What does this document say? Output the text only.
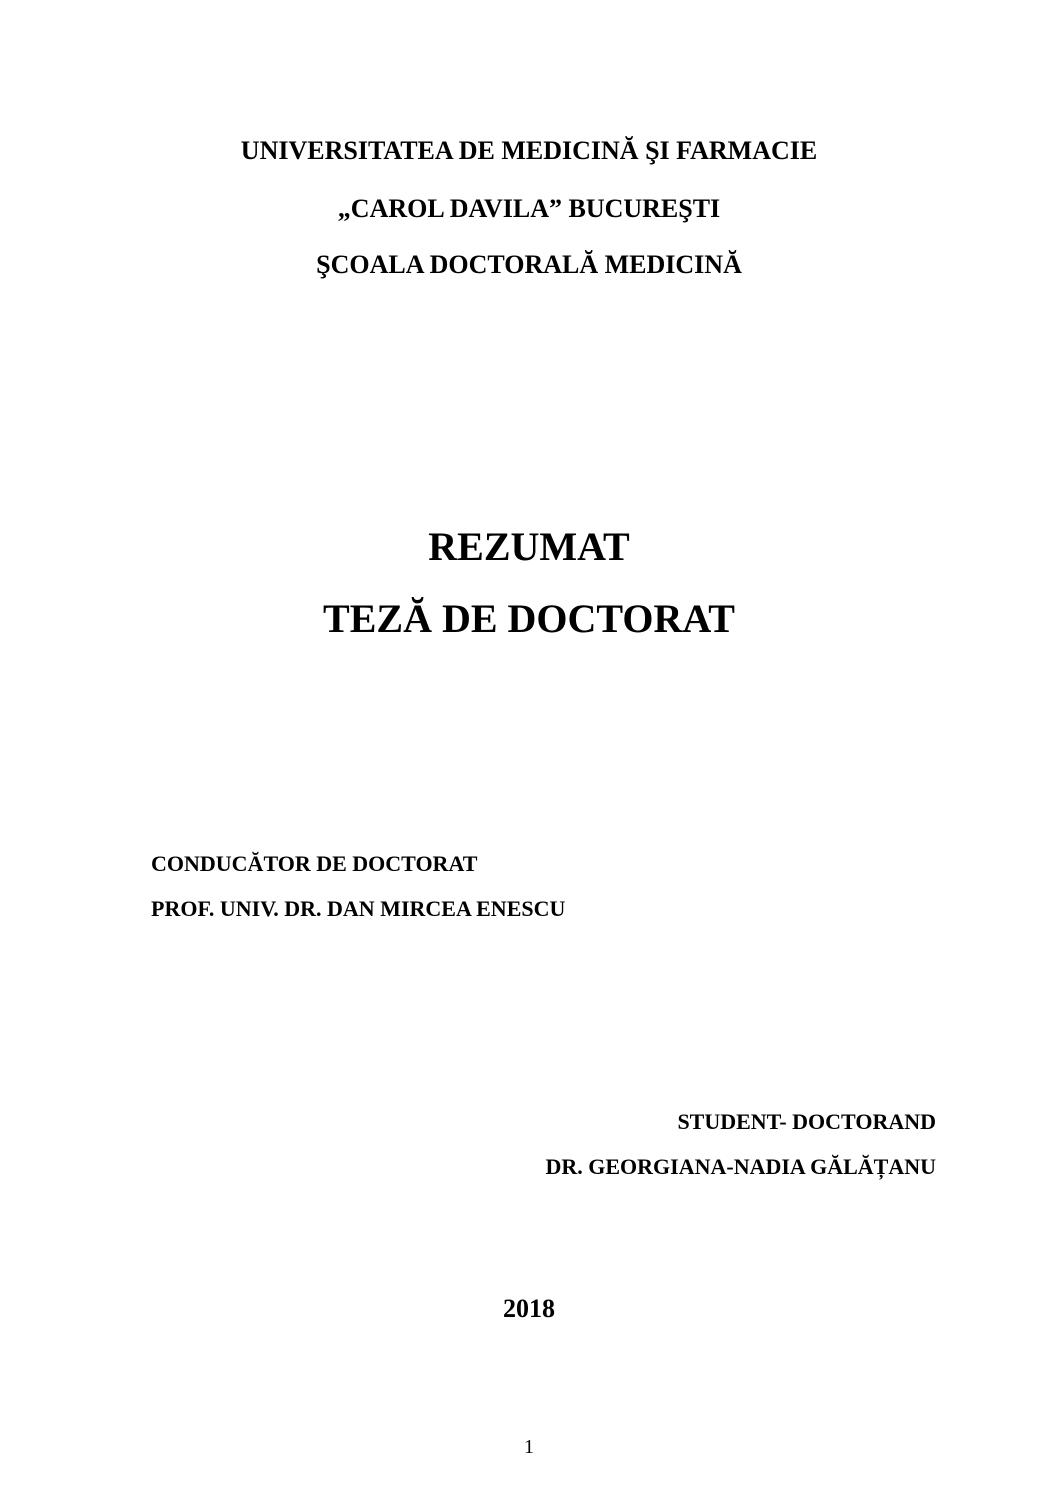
UNIVERSITATEA DE MEDICINĂ ŞI FARMACIE
„CAROL DAVILA” BUCUREŞTI
ŞCOALA DOCTORALĂ MEDICINĂ
REZUMAT
TEZĂ DE DOCTORAT
CONDUCĂTOR DE DOCTORAT
PROF. UNIV. DR. DAN MIRCEA ENESCU
STUDENT- DOCTORAND
DR. GEORGIANA-NADIA GĂLĂȚANU
2018
1
